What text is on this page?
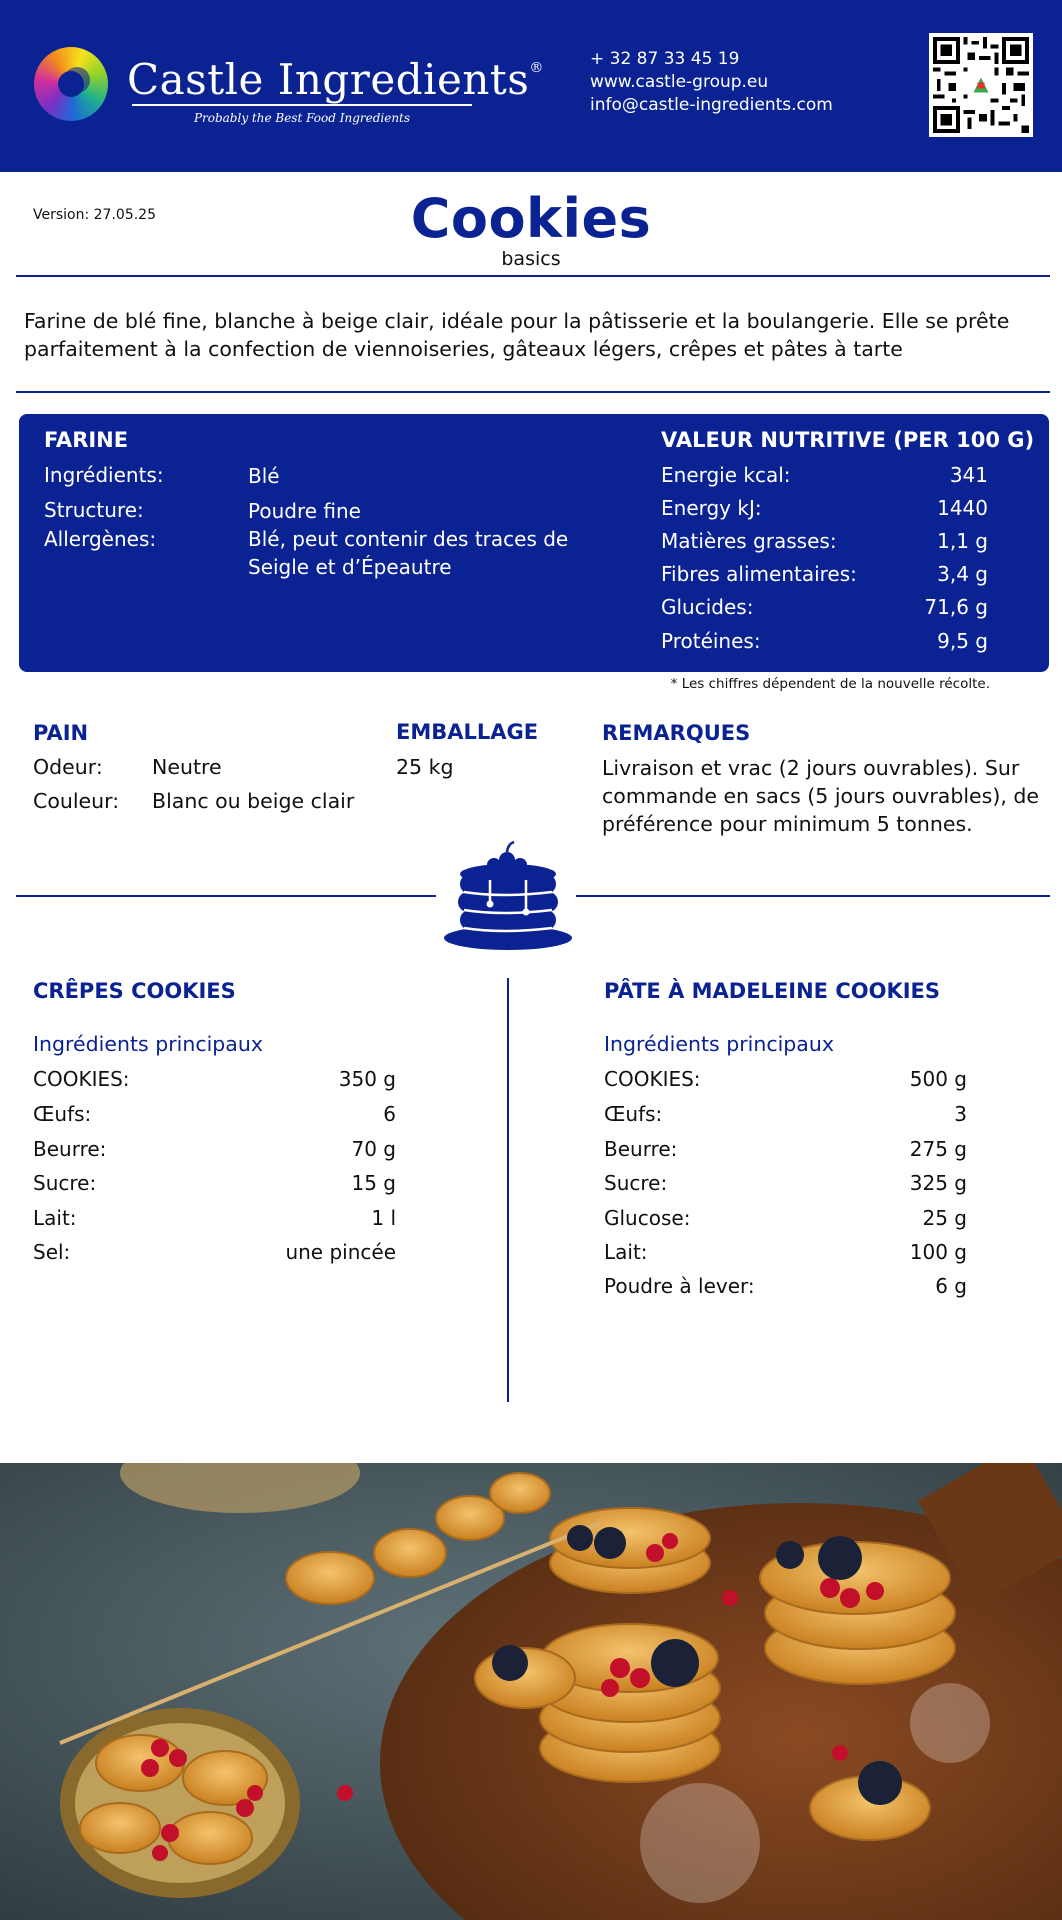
Castle Ingredients®
Probably the Best Food Ingredients
+ 32 87 33 45 19
www.castle-group.eu
info@castle-ingredients.com
Version: 27.05.25	Cookies
basics
Farine de blé fine, blanche à beige clair, idéale pour la pâtisserie et la boulangerie. Elle se prête parfaitement à la confection de viennoiseries, gâteaux légers, crêpes et pâtes à tarte
FARINE
Ingrédients:	Blé
Structure:	Poudre fine
Allergènes:	Blé, peut contenir des traces de Seigle et d’Épeautre
VALEUR NUTRITIVE (PER 100 G)
Energie kcal:	341
Energy kJ:	1440
Matières grasses:	1,1 g
Fibres alimentaires:	3,4 g
Glucides:	71,6 g
Protéines:	9,5 g
* Les chiffres dépendent de la nouvelle récolte.
PAIN
Odeur: Neutre
Couleur: Blanc ou beige clair
EMBALLAGE
25 kg
REMARQUES
Livraison et vrac (2 jours ouvrables). Sur commande en sacs (5 jours ouvrables), de préférence pour minimum 5 tonnes.
CRÊPES COOKIES
Ingrédients principaux
COOKIES:	350 g
Œufs:	6
Beurre:	70 g
Sucre:	15 g
Lait:	1 l
Sel:	une pincée
PÂTE À MADELEINE COOKIES
Ingrédients principaux
COOKIES:	500 g
Œufs:	3
Beurre:	275 g
Sucre:	325 g
Glucose:	25 g
Lait:	100 g
Poudre à lever:	6 g
